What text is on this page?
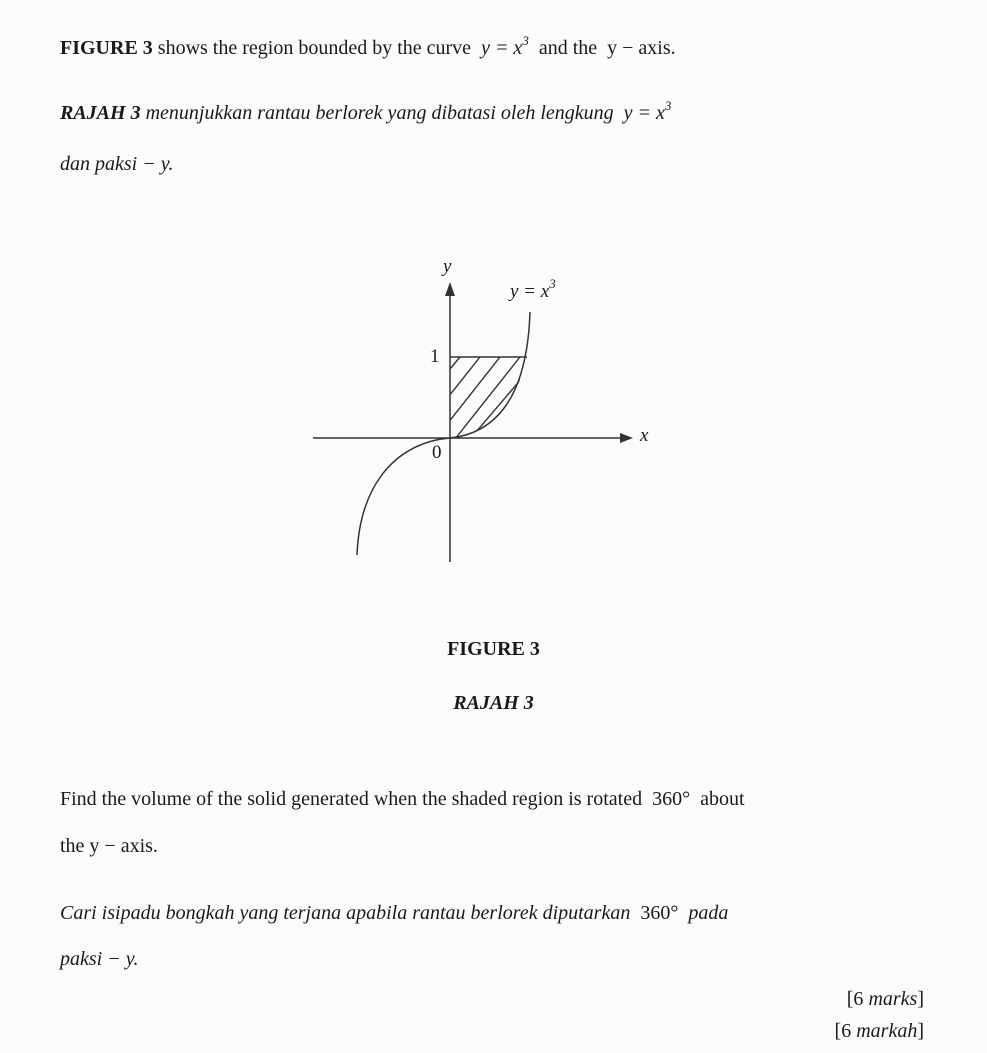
FIGURE 3 shows the region bounded by the curve $y = x^3$ and the y − axis.
RAJAH 3 menunjukkan rantau berlorek yang dibatasi oleh lengkung $y = x^3$
dan paksi − y.
y
x
$y = x^3$
1
0
FIGURE 3
RAJAH 3
Find the volume of the solid generated when the shaded region is rotated 360° about
the y − axis.
Cari isipadu bongkah yang terjana apabila rantau berlorek diputarkan 360° pada
paksi − y.
[6 marks]
[6 markah]
